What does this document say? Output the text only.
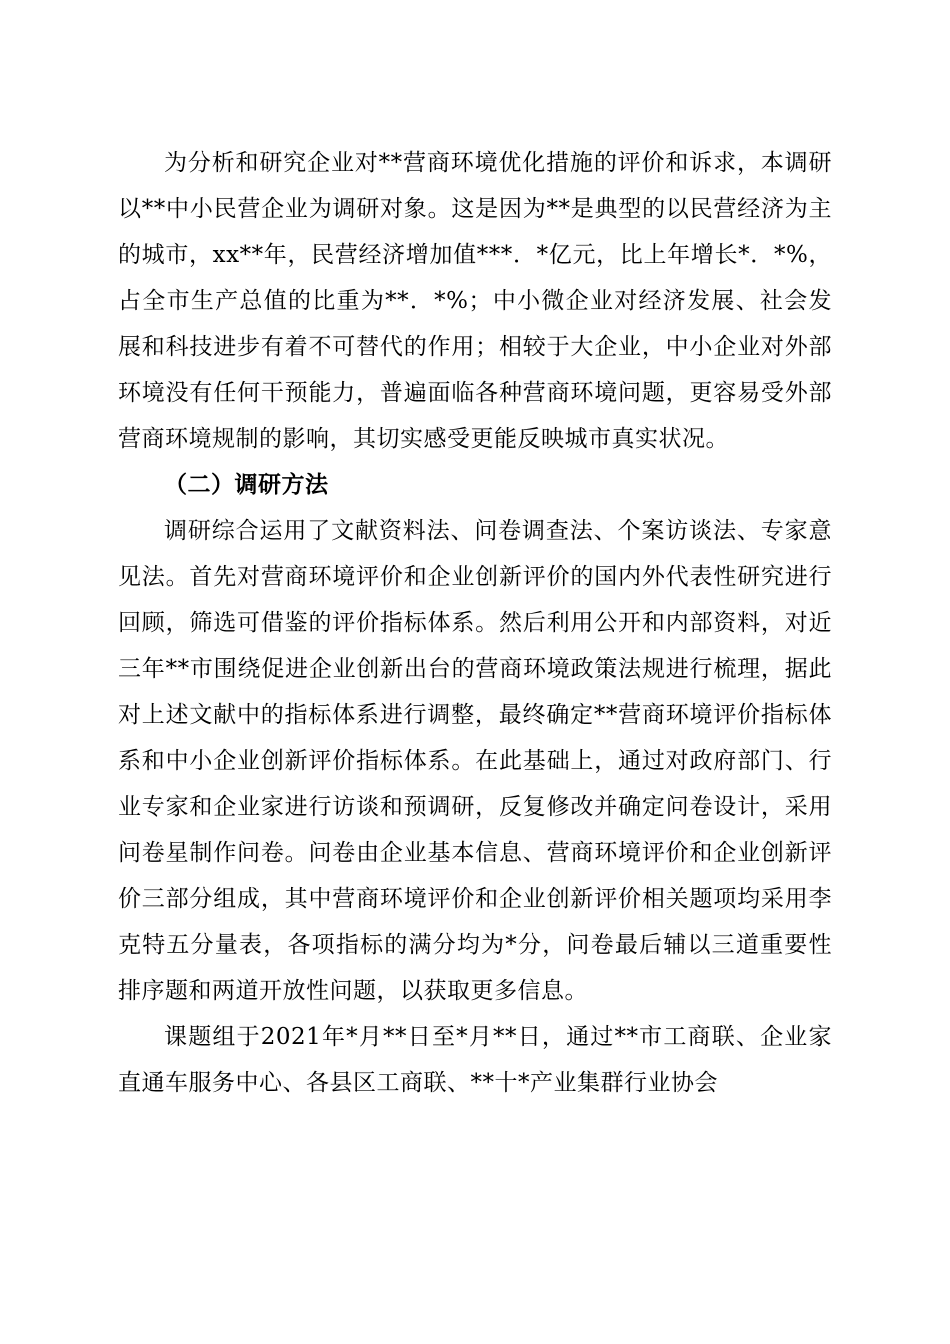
为分析和研究企业对**营商环境优化措施的评价和诉求，本调研以**中小民营企业为调研对象。这是因为**是典型的以民营经济为主的城市，xx**年，民营经济增加值***．*亿元，比上年增长*．*%，占全市生产总值的比重为**．*%；中小微企业对经济发展、社会发展和科技进步有着不可替代的作用；相较于大企业，中小企业对外部环境没有任何干预能力，普遍面临各种营商环境问题，更容易受外部营商环境规制的影响，其切实感受更能反映城市真实状况。

（二）调研方法

调研综合运用了文献资料法、问卷调查法、个案访谈法、专家意见法。首先对营商环境评价和企业创新评价的国内外代表性研究进行回顾，筛选可借鉴的评价指标体系。然后利用公开和内部资料，对近三年**市围绕促进企业创新出台的营商环境政策法规进行梳理，据此对上述文献中的指标体系进行调整，最终确定**营商环境评价指标体系和中小企业创新评价指标体系。在此基础上，通过对政府部门、行业专家和企业家进行访谈和预调研，反复修改并确定问卷设计，采用问卷星制作问卷。问卷由企业基本信息、营商环境评价和企业创新评价三部分组成，其中营商环境评价和企业创新评价相关题项均采用李克特五分量表，各项指标的满分均为*分，问卷最后辅以三道重要性排序题和两道开放性问题，以获取更多信息。

课题组于2021年*月**日至*月**日，通过**市工商联、企业家直通车服务中心、各县区工商联、**十*产业集群行业协会
